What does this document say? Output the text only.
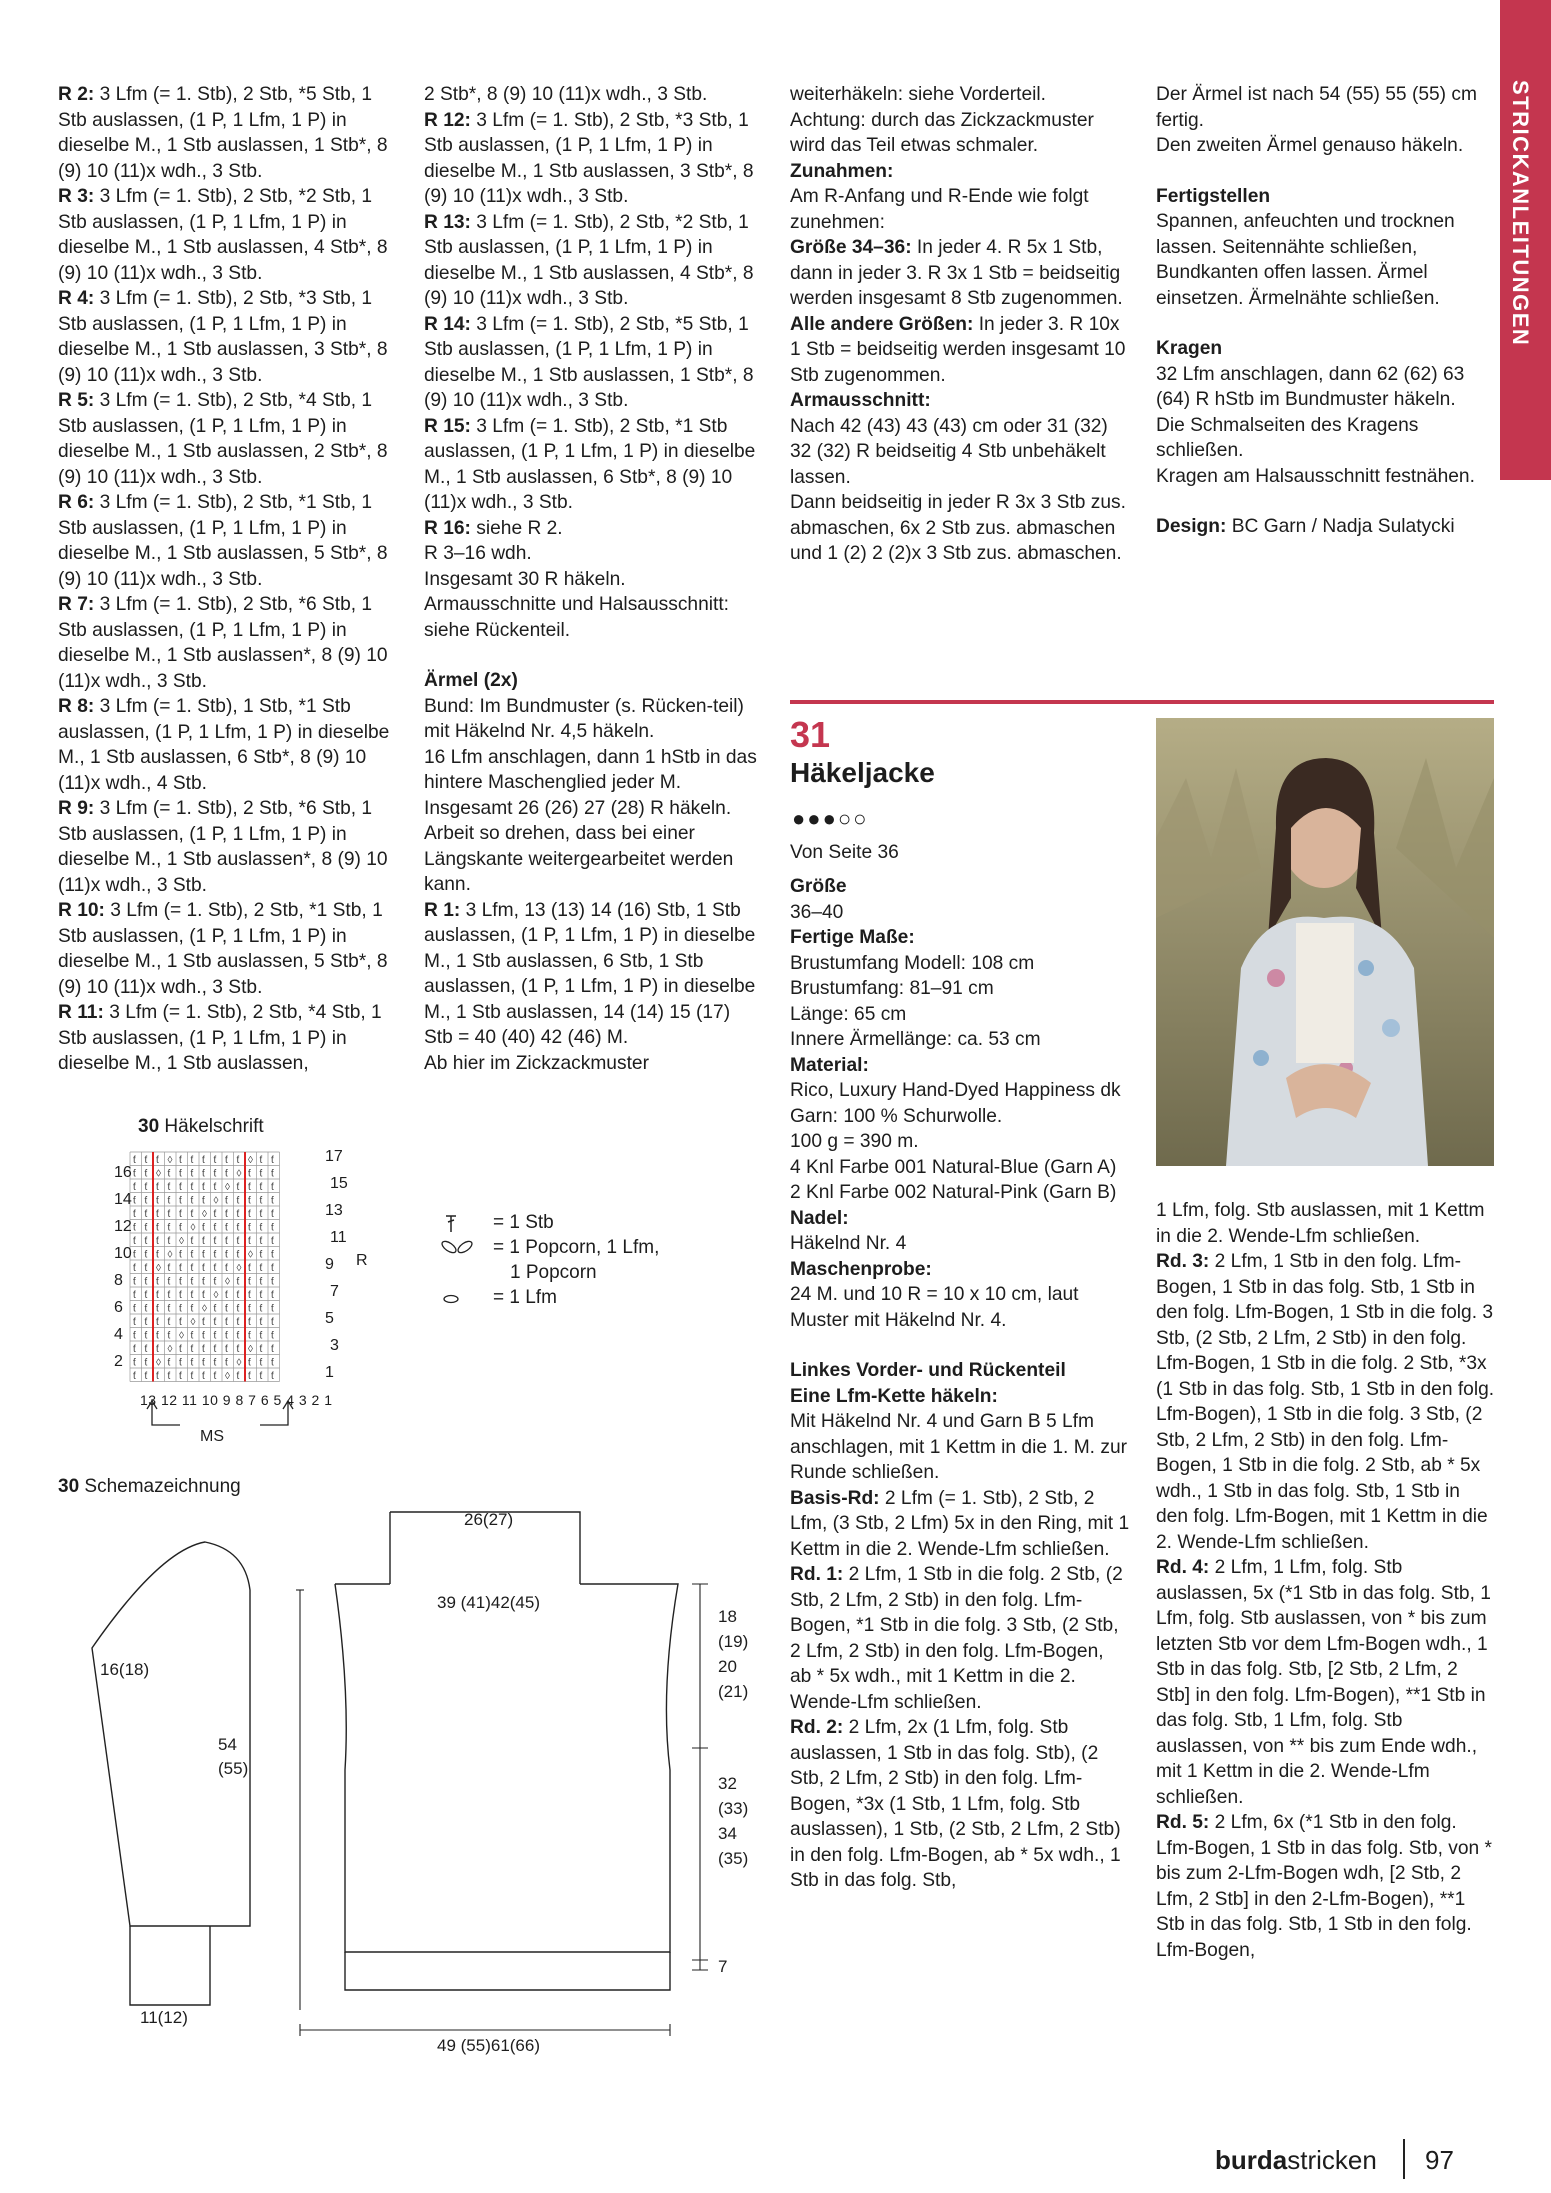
STRICKANLEITUNGEN

R 2: 3 Lfm (= 1. Stb), 2 Stb, *5 Stb, 1 Stb auslassen, (1 P, 1 Lfm, 1 P) in dieselbe M., 1 Stb auslassen, 1 Stb*, 8 (9) 10 (11)x wdh., 3 Stb.

R 3: 3 Lfm (= 1. Stb), 2 Stb, *2 Stb, 1 Stb auslassen, (1 P, 1 Lfm, 1 P) in dieselbe M., 1 Stb auslassen, 4 Stb*, 8 (9) 10 (11)x wdh., 3 Stb.

R 4: 3 Lfm (= 1. Stb), 2 Stb, *3 Stb, 1 Stb auslassen, (1 P, 1 Lfm, 1 P) in dieselbe M., 1 Stb auslassen, 3 Stb*, 8 (9) 10 (11)x wdh., 3 Stb.

R 5: 3 Lfm (= 1. Stb), 2 Stb, *4 Stb, 1 Stb auslassen, (1 P, 1 Lfm, 1 P) in dieselbe M., 1 Stb auslassen, 2 Stb*, 8 (9) 10 (11)x wdh., 3 Stb.

R 6: 3 Lfm (= 1. Stb), 2 Stb, *1 Stb, 1 Stb auslassen, (1 P, 1 Lfm, 1 P) in dieselbe M., 1 Stb auslassen, 5 Stb*, 8 (9) 10 (11)x wdh., 3 Stb.

R 7: 3 Lfm (= 1. Stb), 2 Stb, *6 Stb, 1 Stb auslassen, (1 P, 1 Lfm, 1 P) in dieselbe M., 1 Stb auslassen*, 8 (9) 10 (11)x wdh., 3 Stb.

R 8: 3 Lfm (= 1. Stb), 1 Stb, *1 Stb auslassen, (1 P, 1 Lfm, 1 P) in dieselbe M., 1 Stb auslassen, 6 Stb*, 8 (9) 10 (11)x wdh., 4 Stb.

R 9: 3 Lfm (= 1. Stb), 2 Stb, *6 Stb, 1 Stb auslassen, (1 P, 1 Lfm, 1 P) in dieselbe M., 1 Stb auslassen*, 8 (9) 10 (11)x wdh., 3 Stb.

R 10: 3 Lfm (= 1. Stb), 2 Stb, *1 Stb, 1 Stb auslassen, (1 P, 1 Lfm, 1 P) in dieselbe M., 1 Stb auslassen, 5 Stb*, 8 (9) 10 (11)x wdh., 3 Stb.

R 11: 3 Lfm (= 1. Stb), 2 Stb, *4 Stb, 1 Stb auslassen, (1 P, 1 Lfm, 1 P) in dieselbe M., 1 Stb auslassen,

2 Stb*, 8 (9) 10 (11)x wdh., 3 Stb.

R 12: 3 Lfm (= 1. Stb), 2 Stb, *3 Stb, 1 Stb auslassen, (1 P, 1 Lfm, 1 P) in dieselbe M., 1 Stb auslassen, 3 Stb*, 8 (9) 10 (11)x wdh., 3 Stb.

R 13: 3 Lfm (= 1. Stb), 2 Stb, *2 Stb, 1 Stb auslassen, (1 P, 1 Lfm, 1 P) in dieselbe M., 1 Stb auslassen, 4 Stb*, 8 (9) 10 (11)x wdh., 3 Stb.

R 14: 3 Lfm (= 1. Stb), 2 Stb, *5 Stb, 1 Stb auslassen, (1 P, 1 Lfm, 1 P) in dieselbe M., 1 Stb auslassen, 1 Stb*, 8 (9) 10 (11)x wdh., 3 Stb.

R 15: 3 Lfm (= 1. Stb), 2 Stb, *1 Stb auslassen, (1 P, 1 Lfm, 1 P) in dieselbe M., 1 Stb auslassen, 6 Stb*, 8 (9) 10 (11)x wdh., 3 Stb.

R 16: siehe R 2.

R 3–16 wdh.

Insgesamt 30 R häkeln.

Armausschnitte und Halsausschnitt: siehe Rückenteil.

Ärmel (2x)

Bund: Im Bundmuster (s. Rücken-teil) mit Häkelnd Nr. 4,5 häkeln.

16 Lfm anschlagen, dann 1 hStb in das hintere Maschenglied jeder M. Insgesamt 26 (26) 27 (28) R häkeln.

Arbeit so drehen, dass bei einer Längskante weitergearbeitet werden kann.

R 1: 3 Lfm, 13 (13) 14 (16) Stb, 1 Stb auslassen, (1 P, 1 Lfm, 1 P) in dieselbe M., 1 Stb auslassen, 6 Stb, 1 Stb auslassen, (1 P, 1 Lfm, 1 P) in dieselbe M., 1 Stb auslassen, 14 (14) 15 (17) Stb = 40 (40) 42 (46) M.

Ab hier im Zickzackmuster

weiterhäkeln: siehe Vorderteil.

Achtung: durch das Zickzackmuster wird das Teil etwas schmaler.

Zunahmen:

Am R-Anfang und R-Ende wie folgt zunehmen:

Größe 34–36: In jeder 4. R 5x 1 Stb, dann in jeder 3. R 3x 1 Stb = beidseitig werden insgesamt 8 Stb zugenommen.

Alle andere Größen: In jeder 3. R 10x 1 Stb = beidseitig werden insgesamt 10 Stb zugenommen.

Armausschnitt:

Nach 42 (43) 43 (43) cm oder 31 (32) 32 (32) R beidseitig 4 Stb unbehäkelt lassen.

Dann beidseitig in jeder R 3x 3 Stb zus. abmaschen, 6x 2 Stb zus. abmaschen und 1 (2) 2 (2)x 3 Stb zus. abmaschen.

Der Ärmel ist nach 54 (55) 55 (55) cm fertig.

Den zweiten Ärmel genauso häkeln.

Fertigstellen

Spannen, anfeuchten und trocknen lassen. Seitennähte schließen, Bundkanten offen lassen. Ärmel einsetzen. Ärmelnähte schließen.

Kragen

32 Lfm anschlagen, dann 62 (62) 63 (64) R hStb im Bundmuster häkeln.

Die Schmalseiten des Kragens schließen.

Kragen am Halsausschnitt festnähen.

Design: BC Garn / Nadja Sulatycki

31
Häkeljacke
●●●○○
Von Seite 36

Größe

36–40

Fertige Maße:

Brustumfang Modell: 108 cm

Brustumfang: 81–91 cm

Länge: 65 cm

Innere Ärmellänge: ca. 53 cm

Material:

Rico, Luxury Hand-Dyed Happiness dk

Garn: 100 % Schurwolle.

100 g = 390 m.

4 Knl Farbe 001 Natural-Blue (Garn A)

2 Knl Farbe 002 Natural-Pink (Garn B)

Nadel:

Häkelnd Nr. 4

Maschenprobe:

24 M. und 10 R = 10 x 10 cm, laut Muster mit Häkelnd Nr. 4.

Linkes Vorder- und Rückenteil

Eine Lfm-Kette häkeln:

Mit Häkelnd Nr. 4 und Garn B 5 Lfm anschlagen, mit 1 Kettm in die 1. M. zur Runde schließen.

Basis-Rd: 2 Lfm (= 1. Stb), 2 Stb, 2 Lfm, (3 Stb, 2 Lfm) 5x in den Ring, mit 1 Kettm in die 2. Wende-Lfm schließen.

Rd. 1: 2 Lfm, 1 Stb in die folg. 2 Stb, (2 Stb, 2 Lfm, 2 Stb) in den folg. Lfm-Bogen, *1 Stb in die folg. 3 Stb, (2 Stb, 2 Lfm, 2 Stb) in den folg. Lfm-Bogen, ab * 5x wdh., mit 1 Kettm in die 2. Wende-Lfm schließen.

Rd. 2: 2 Lfm, 2x (1 Lfm, folg. Stb auslassen, 1 Stb in das folg. Stb), (2 Stb, 2 Lfm, 2 Stb) in den folg. Lfm-Bogen, *3x (1 Stb, 1 Lfm, folg. Stb auslassen), 1 Stb, (2 Stb, 2 Lfm, 2 Stb) in den folg. Lfm-Bogen, ab * 5x wdh., 1 Stb in das folg. Stb,

1 Lfm, folg. Stb auslassen, mit 1 Kettm in die 2. Wende-Lfm schließen.

Rd. 3: 2 Lfm, 1 Stb in den folg. Lfm-Bogen, 1 Stb in das folg. Stb, 1 Stb in den folg. Lfm-Bogen, 1 Stb in die folg. 3 Stb, (2 Stb, 2 Lfm, 2 Stb) in den folg. Lfm-Bogen, 1 Stb in die folg. 2 Stb, *3x (1 Stb in das folg. Stb, 1 Stb in den folg. Lfm-Bogen), 1 Stb in die folg. 3 Stb, (2 Stb, 2 Lfm, 2 Stb) in den folg. Lfm-Bogen, 1 Stb in die folg. 2 Stb, ab * 5x wdh., 1 Stb in das folg. Stb, 1 Stb in den folg. Lfm-Bogen, mit 1 Kettm in die 2. Wende-Lfm schließen.

Rd. 4: 2 Lfm, 1 Lfm, folg. Stb auslassen, 5x (*1 Stb in das folg. Stb, 1 Lfm, folg. Stb auslassen, von * bis zum letzten Stb vor dem Lfm-Bogen wdh., 1 Stb in das folg. Stb, [2 Stb, 2 Lfm, 2 Stb] in den folg. Lfm-Bogen), **1 Stb in das folg. Stb, 1 Lfm, folg. Stb auslassen, von ** bis zum Ende wdh., mit 1 Kettm in die 2. Wende-Lfm schließen.

Rd. 5: 2 Lfm, 6x (*1 Stb in den folg. Lfm-Bogen, 1 Stb in das folg. Stb, von * bis zum 2-Lfm-Bogen wdh, [2 Stb, 2 Lfm, 2 Stb] in den 2-Lfm-Bogen), **1 Stb in das folg. Stb, 1 Stb in den folg. Lfm-Bogen,

30 Häkelschrift
ƭ ƭ ƭ ◊ ƭ ƭ ƭ ƭ ƭ ƭ ◊ ƭ ƭ
ƭ ƭ ◊ ƭ ƭ ƭ ƭ ƭ ƭ ◊ ƭ ƭ ƭ
ƭ ƭ ƭ ƭ ƭ ƭ ƭ ƭ ◊ ƭ ƭ ƭ ƭ
ƭ ƭ ƭ ƭ ƭ ƭ ƭ ◊ ƭ ƭ ƭ ƭ ƭ
ƭ ƭ ƭ ƭ ƭ ƭ ◊ ƭ ƭ ƭ ƭ ƭ ƭ
ƭ ƭ ƭ ƭ ƭ ◊ ƭ ƭ ƭ ƭ ƭ ƭ ƭ
ƭ ƭ ƭ ƭ ◊ ƭ ƭ ƭ ƭ ƭ ƭ ƭ ƭ
ƭ ƭ ƭ ◊ ƭ ƭ ƭ ƭ ƭ ƭ ◊ ƭ ƭ
ƭ ƭ ◊ ƭ ƭ ƭ ƭ ƭ ƭ ◊ ƭ ƭ ƭ
ƭ ƭ ƭ ƭ ƭ ƭ ƭ ƭ ◊ ƭ ƭ ƭ ƭ
ƭ ƭ ƭ ƭ ƭ ƭ ƭ ◊ ƭ ƭ ƭ ƭ ƭ
ƭ ƭ ƭ ƭ ƭ ƭ ◊ ƭ ƭ ƭ ƭ ƭ ƭ
ƭ ƭ ƭ ƭ ƭ ◊ ƭ ƭ ƭ ƭ ƭ ƭ ƭ
ƭ ƭ ƭ ƭ ◊ ƭ ƭ ƭ ƭ ƭ ƭ ƭ ƭ
ƭ ƭ ƭ ◊ ƭ ƭ ƭ ƭ ƭ ƭ ◊ ƭ ƭ
ƭ ƭ ◊ ƭ ƭ ƭ ƭ ƭ ƭ ◊ ƭ ƭ ƭ
ƭ ƭ ƭ ƭ ƭ ƭ ƭ ƭ ◊ ƭ ƭ ƭ ƭ
16
14
12
10
8
6
4
2
17
15
13
11
9
7
5
3
1
R
13 12 11 10 9 8 7 6 5 4 3 2 1
MS
= 1 Stb
= 1 Popcorn, 1 Lfm,
1 Popcorn
= 1 Lfm
30 Schemazeichnung
16(18)
54
(55)
11(12)
26(27)
39 (41)42(45)
18
(19)
20
(21)
32
(33)
34
(35)
7
49 (55)61(66)
burdastricken 97
